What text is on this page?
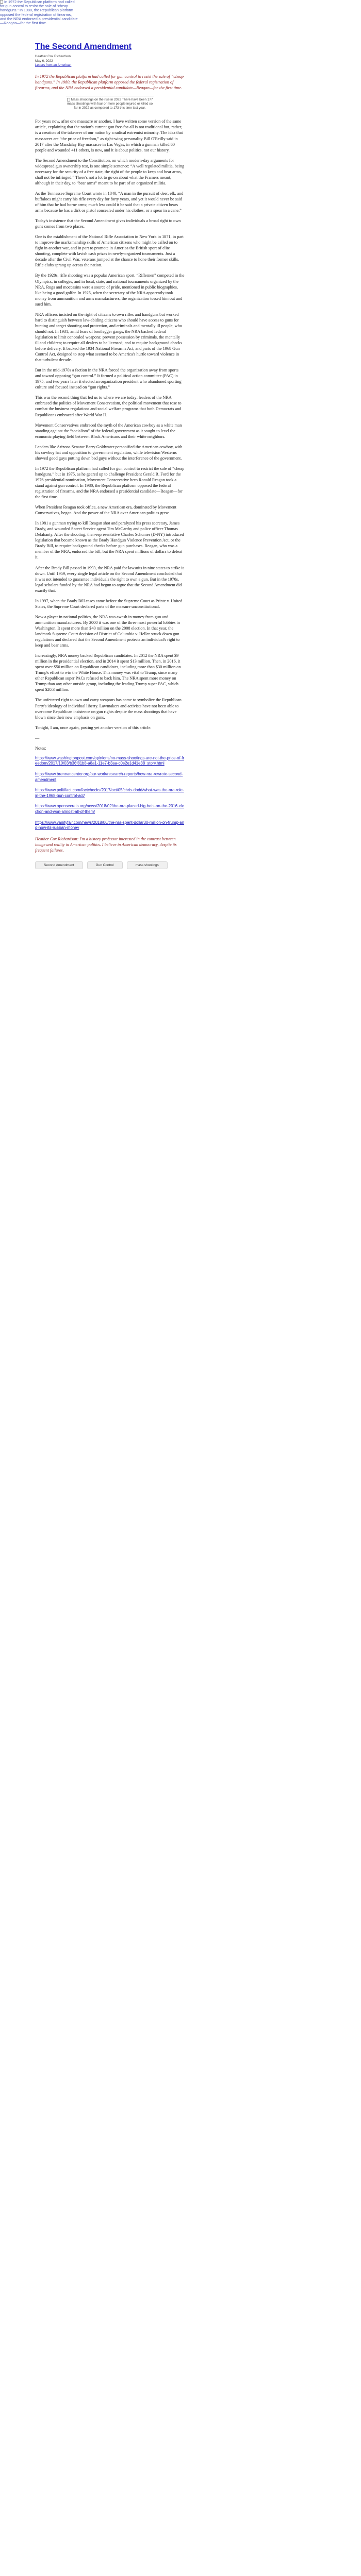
In 1972 the Republican platform had called for gun control to resist the sale of “cheap handguns.” In 1980, the Republican platform opposed the federal registration of firearms, and the NRA endorsed a presidential candidate—Reagan—for the first time.
The Second Amendment
Heather Cox Richardson
May 6, 2022
Letters from an American

In 1972 the Republican platform had called for gun control to resist the sale of “cheap handguns.” In 1980, the Republican platform opposed the federal registration of firearms, and the NRA endorsed a presidential candidate—Reagan—for the first time.

Mass shootings on the rise in 2022 There have been 177 mass shootings with four or more people injured or killed so far in 2022 as compared to 173 this time last year.

For years now, after one massacre or another, I have written some version of the same article, explaining that the nation's current gun free-for-all is not traditional but, rather, is a creation of the takeover of our nation by a radical extremist minority. The idea that massacres are “the price of freedom,” as right-wing personality Bill O'Reilly said in 2017 after the Mandalay Bay massacre in Las Vegas, in which a gunman killed 60 people and wounded 411 others, is new, and it is about politics, not our history.

The Second Amendment to the Constitution, on which modern-day arguments for widespread gun ownership rest, is one simple sentence: “A well regulated militia, being necessary for the security of a free state, the right of the people to keep and bear arms, shall not be infringed.” There's not a lot to go on about what the Framers meant, although in their day, to “bear arms” meant to be part of an organized militia.

As the Tennessee Supreme Court wrote in 1840, “A man in the pursuit of deer, elk, and buffaloes might carry his rifle every day for forty years, and yet it would never be said of him that he had borne arms; much less could it be said that a private citizen bears arms because he has a dirk or pistol concealed under his clothes, or a spear in a cane.”

Today's insistence that the Second Amendment gives individuals a broad right to own guns comes from two places.

One is the establishment of the National Rifle Association in New York in 1871, in part to improve the marksmanship skills of American citizens who might be called on to fight in another war, and in part to promote in America the British sport of elite shooting, complete with lavish cash prizes in newly-organized tournaments. Just a decade after the Civil War, veterans jumped at the chance to hone their former skills. Rifle clubs sprang up across the nation.

By the 1920s, rifle shooting was a popular American sport. “Riflemen” competed in the Olympics, in colleges, and in local, state, and national tournaments organized by the NRA. Rugs and moccasins were a source of pride, mentioned in public biographies, like being a good golfer. In 1925, when the secretary of the NRA apparently took money from ammunition and arms manufacturers, the organization tossed him out and sued him.

NRA officers insisted on the right of citizens to own rifles and handguns but worked hard to distinguish between law-abiding citizens who should have access to guns for hunting and target shooting and protection, and criminals and mentally ill people, who should not. In 1931, amid fears of bootlegger gangs, the NRA backed federal legislation to limit concealed weapons; prevent possession by criminals, the mentally ill and children; to require all dealers to be licensed; and to require background checks before delivery. It backed the 1934 National Firearms Act, and parts of the 1968 Gun Control Act, designed to stop what seemed to be America's hurtle toward violence in that turbulent decade.

But in the mid-1970s a faction in the NRA forced the organization away from sports and toward opposing “gun control.” It formed a political action committee (PAC) in 1975, and two years later it elected an organization president who abandoned sporting culture and focused instead on “gun rights.”

This was the second thing that led us to where we are today: leaders of the NRA embraced the politics of Movement Conservatism, the political movement that rose to combat the business regulations and social welfare programs that both Democrats and Republicans embraced after World War II.

Movement Conservatives embraced the myth of the American cowboy as a white man standing against the “socialism” of the federal government as it sought to level the economic playing field between Black Americans and their white neighbors.

Leaders like Arizona Senator Barry Goldwater personified the American cowboy, with his cowboy hat and opposition to government regulation, while television Westerns showed good guys putting down bad guys without the interference of the government.

In 1972 the Republican platform had called for gun control to restrict the sale of “cheap handguns,” but in 1975, as he geared up to challenge President Gerald R. Ford for the 1976 presidential nomination, Movement Conservative hero Ronald Reagan took a stand against gun control. In 1980, the Republican platform opposed the federal registration of firearms, and the NRA endorsed a presidential candidate—Reagan—for the first time.

When President Reagan took office, a new American era, dominated by Movement Conservatives, began. And the power of the NRA over American politics grew.

In 1981 a gunman trying to kill Reagan shot and paralyzed his press secretary, James Brady, and wounded Secret Service agent Tim McCarthy and police officer Thomas Delahanty. After the shooting, then-representative Charles Schumer (D-NY) introduced legislation that became known as the Brady Handgun Violence Prevention Act, or the Brady Bill, to require background checks before gun purchases. Reagan, who was a member of the NRA, endorsed the bill, but the NRA spent millions of dollars to defeat it.

After the Brady Bill passed in 1993, the NRA paid for lawsuits in nine states to strike it down. Until 1959, every single legal article on the Second Amendment concluded that it was not intended to guarantee individuals the right to own a gun. But in the 1970s, legal scholars funded by the NRA had begun to argue that the Second Amendment did exactly that.

In 1997, when the Brady Bill cases came before the Supreme Court as Printz v. United States, the Supreme Court declared parts of the measure unconstitutional.

Now a player in national politics, the NRA was awash in money from gun and ammunition manufacturers. By 2000 it was one of the three most powerful lobbies in Washington. It spent more than $40 million on the 2008 election. In that year, the landmark Supreme Court decision of District of Columbia v. Heller struck down gun regulations and declared that the Second Amendment protects an individual's right to keep and bear arms.

Increasingly, NRA money backed Republican candidates. In 2012 the NRA spent $9 million in the presidential election, and in 2014 it spent $13 million. Then, in 2016, it spent over $50 million on Republican candidates, including more than $30 million on Trump's effort to win the White House. This money was vital to Trump, since many other Republican super PACs refused to back him. The NRA spent more money on Trump than any other outside group, including the leading Trump super PAC, which spent $20.3 million.

The unfettered right to own and carry weapons has come to symbolize the Republican Party's ideology of individual liberty. Lawmakers and activists have not been able to overcome Republican insistence on gun rights despite the mass shootings that have blown since their new emphasis on guns.

Tonight, I am, once again, posting yet another version of this article.

—

Notes:

https://www.washingtonpost.com/opinions/no-mass-shootings-are-not-the-price-of-freedom/2017/10/03/b36f81b8-a8a1-11e7-b3aa-c0e2e1d41e38_story.html
https://www.brennancenter.org/our-work/research-reports/how-nra-rewrote-second-amendment
https://www.politifact.com/factchecks/2017/oct/05/chris-dodd/what-was-the-nra-role-in-the-1968-gun-control-act/
https://www.opensecrets.org/news/2018/02/the-nra-placed-big-bets-on-the-2016-election-and-won-almost-all-of-them/
https://www.vanityfair.com/news/2018/06/the-nra-spent-dollar30-million-on-trump-and-now-its-russian-money

Heather Cox Richardson: I'm a history professor interested in the contrast between image and reality in American politics. I believe in American democracy, despite its frequent failures.

Second Amendment	Gun Control	mass shootings
